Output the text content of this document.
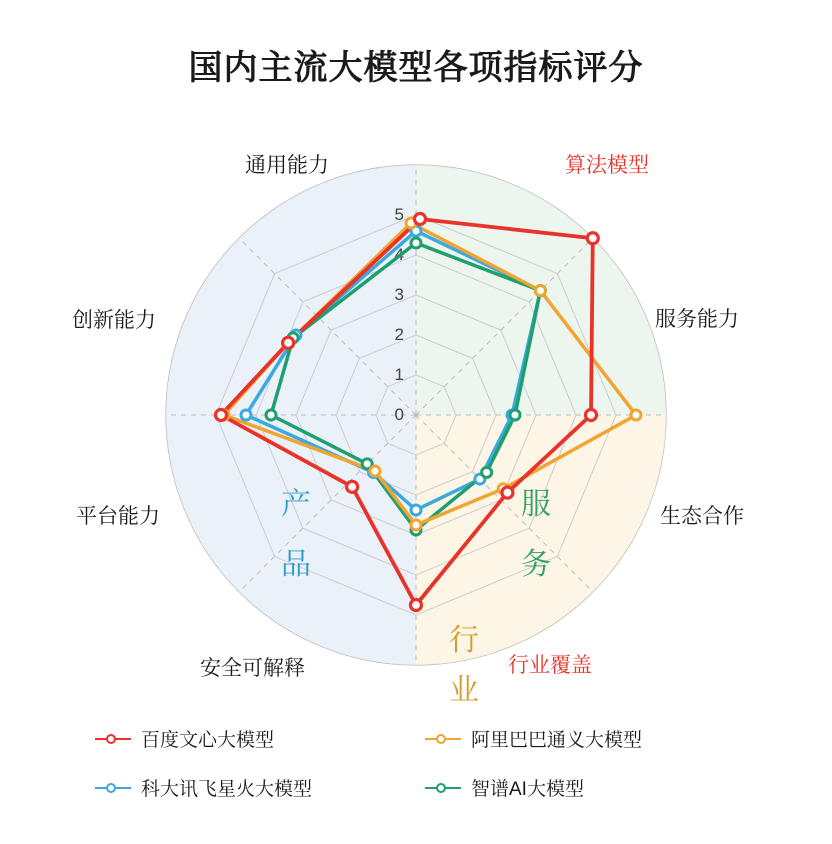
国内主流大模型各项指标评分
0
1
2
3
4
5
产
品
服
务
行
业
算法模型
服务能力
生态合作
行业覆盖
安全可解释
平台能力
创新能力
通用能力
百度文心大模型	阿里巴巴通义大模型
科大讯飞星火大模型	智谱AI大模型
